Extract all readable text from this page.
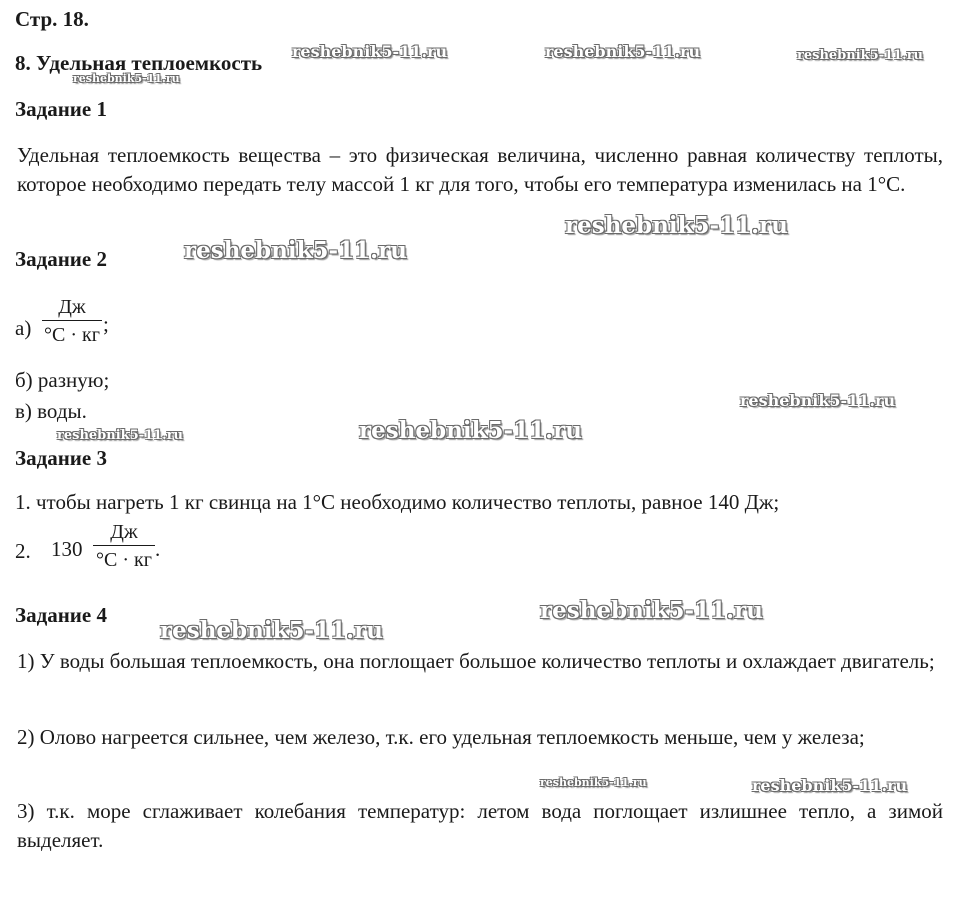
Стр. 18.
8. Удельная теплоемкость
Задание 1
Удельная теплоемкость вещества – это физическая величина, численно равная количеству теплоты, которое необходимо передать телу массой 1 кг для того, чтобы его температура изменилась на 1°С.
Задание 2
а)
Дж
°С · кг ;
б) разную;
в) воды.
Задание 3
1. чтобы нагреть 1 кг свинца на 1°С необходимо количество теплоты, равное 140 Дж;
2. 130
Дж
°С · кг .
Задание 4
1) У воды большая теплоемкость, она поглощает большое количество теплоты и охлаждает двигатель;
2) Олово нагреется сильнее, чем железо, т.к. его удельная теплоемкость меньше, чем у железа;
3) т.к. море сглаживает колебания температур: летом вода поглощает излишнее тепло, а зимой выделяет.
reshebnik5-11.ru	reshebnik5-11.ru	reshebnik5-11.ru
reshebnik5-11.ru
reshebnik5-11.ru
reshebnik5-11.ru
reshebnik5-11.ru
reshebnik5-11.ru	reshebnik5-11.ru
reshebnik5-11.ru
reshebnik5-11.ru
reshebnik5-11.ru	reshebnik5-11.ru
